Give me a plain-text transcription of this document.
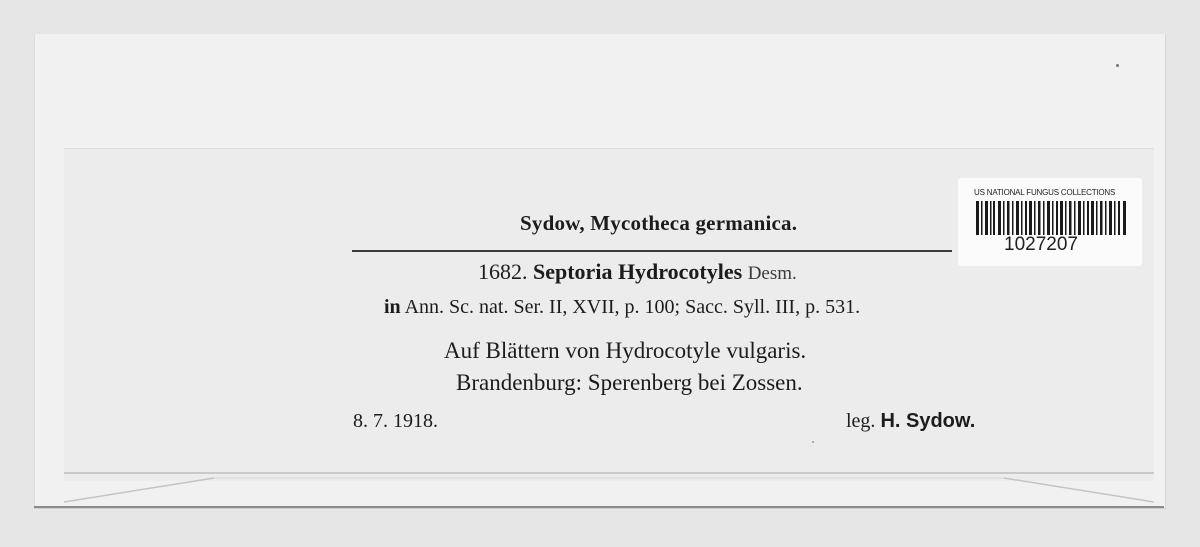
Sydow, Mycotheca germanica.
1682. Septoria Hydrocotyles Desm.
in Ann. Sc. nat. Ser. II, XVII, p. 100; Sacc. Syll. III, p. 531.
Auf Blättern von Hydrocotyle vulgaris.
Brandenburg: Sperenberg bei Zossen.
8. 7. 1918.	leg. H. Sydow.
US NATIONAL FUNGUS COLLECTIONS
1027207
